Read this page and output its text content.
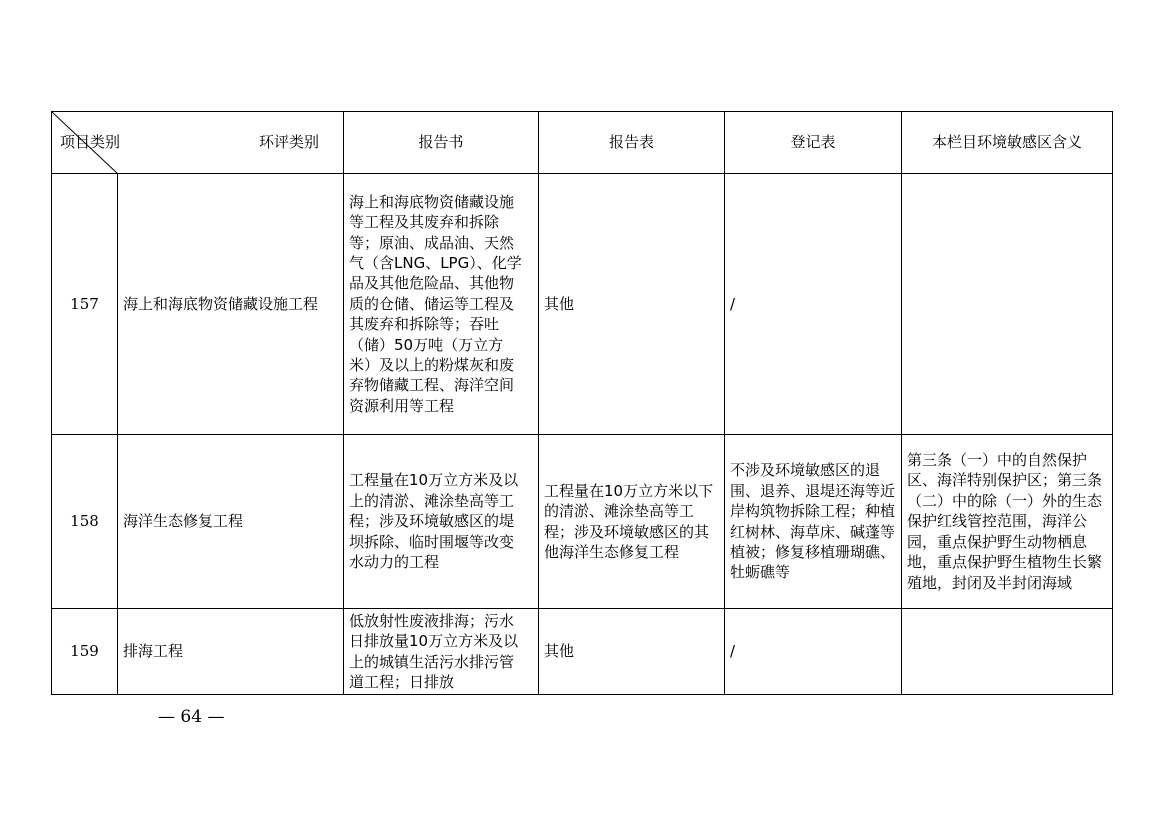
项目类别 环评类别		报告书	报告表	登记表	本栏目环境敏感区含义
157	海上和海底物资储藏设施工程	海上和海底物资储藏设施等工程及其废弃和拆除等；原油、成品油、天然气（含LNG、LPG）、化学品及其他危险品、其他物质的仓储、储运等工程及其废弃和拆除等；吞吐（储）50万吨（万立方米）及以上的粉煤灰和废弃物储藏工程、海洋空间资源利用等工程	其他	/	
158	海洋生态修复工程	工程量在10万立方米及以上的清淤、滩涂垫高等工程；涉及环境敏感区的堤坝拆除、临时围堰等改变水动力的工程	工程量在10万立方米以下的清淤、滩涂垫高等工程；涉及环境敏感区的其他海洋生态修复工程	不涉及环境敏感区的退围、退养、退堤还海等近岸构筑物拆除工程；种植红树林、海草床、碱蓬等植被；修复移植珊瑚礁、牡蛎礁等	第三条（一）中的自然保护区、海洋特别保护区；第三条（二）中的除（一）外的生态保护红线管控范围，海洋公园，重点保护野生动物栖息地，重点保护野生植物生长繁殖地，封闭及半封闭海域
159	排海工程	低放射性废液排海；污水日排放量10万立方米及以上的城镇生活污水排污管道工程；日排放	其他	/	
— 64 —
